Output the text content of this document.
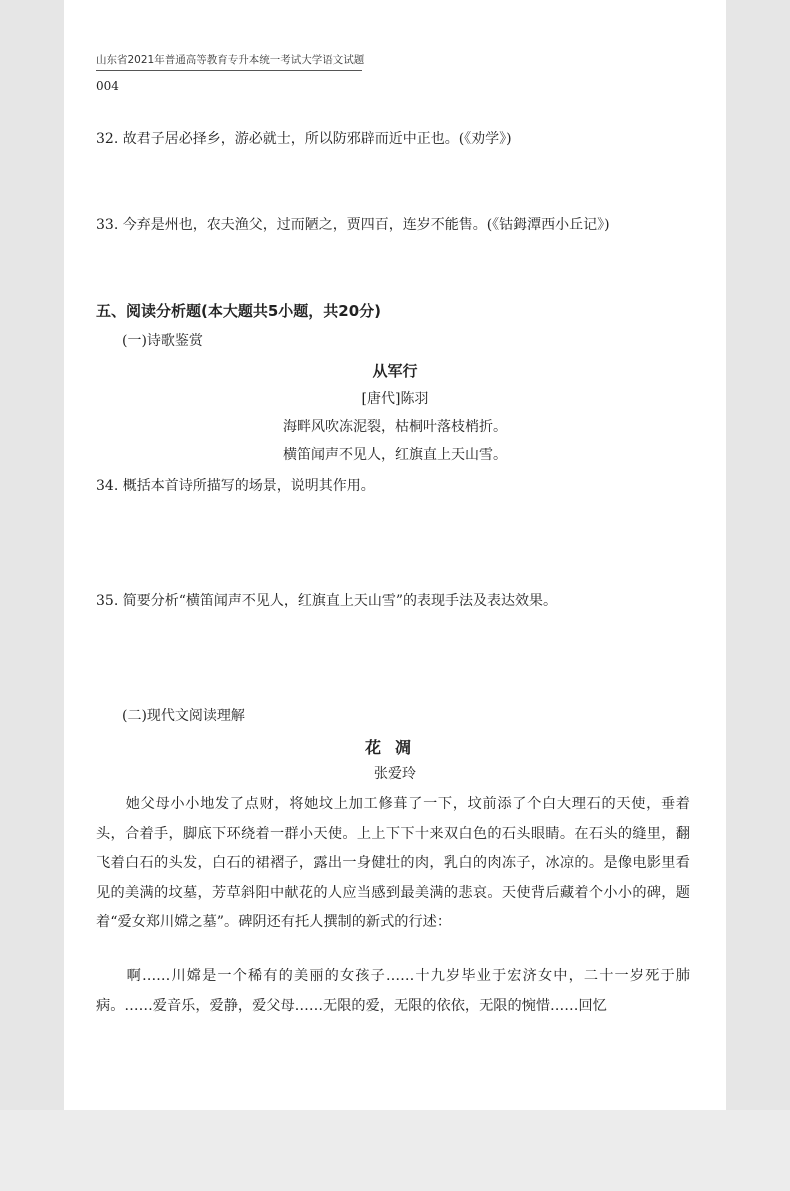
山东省2021年普通高等教育专升本统一考试大学语文试题
004
32. 故君子居必择乡，游必就士，所以防邪辟而近中正也。(《劝学》)
33. 今弃是州也，农夫渔父，过而陋之，贾四百，连岁不能售。(《钴鉧潭西小丘记》)
五、阅读分析题(本大题共5小题，共20分)
(一)诗歌鉴赏
从军行
[唐代]陈羽
海畔风吹冻泥裂，枯桐叶落枝梢折。
横笛闻声不见人，红旗直上天山雪。
34. 概括本首诗所描写的场景，说明其作用。
35. 简要分析“横笛闻声不见人，红旗直上天山雪”的表现手法及表达效果。
(二)现代文阅读理解
花凋
张爱玲
　　她父母小小地发了点财，将她坟上加工修葺了一下，坟前添了个白大理石的天使，垂着头，合着手，脚底下环绕着一群小天使。上上下下十来双白色的石头眼睛。在石头的缝里，翻飞着白石的头发，白石的裙褶子，露出一身健壮的肉，乳白的肉冻子，冰凉的。是像电影里看见的美满的坟墓，芳草斜阳中献花的人应当感到最美满的悲哀。天使背后藏着个小小的碑，题着“爱女郑川嫦之墓”。碑阴还有托人撰制的新式的行述：
　　啊……川嫦是一个稀有的美丽的女孩子……十九岁毕业于宏济女中，二十一岁死于肺病。……爱音乐，爱静，爱父母……无限的爱，无限的依依，无限的惋惜……回忆
